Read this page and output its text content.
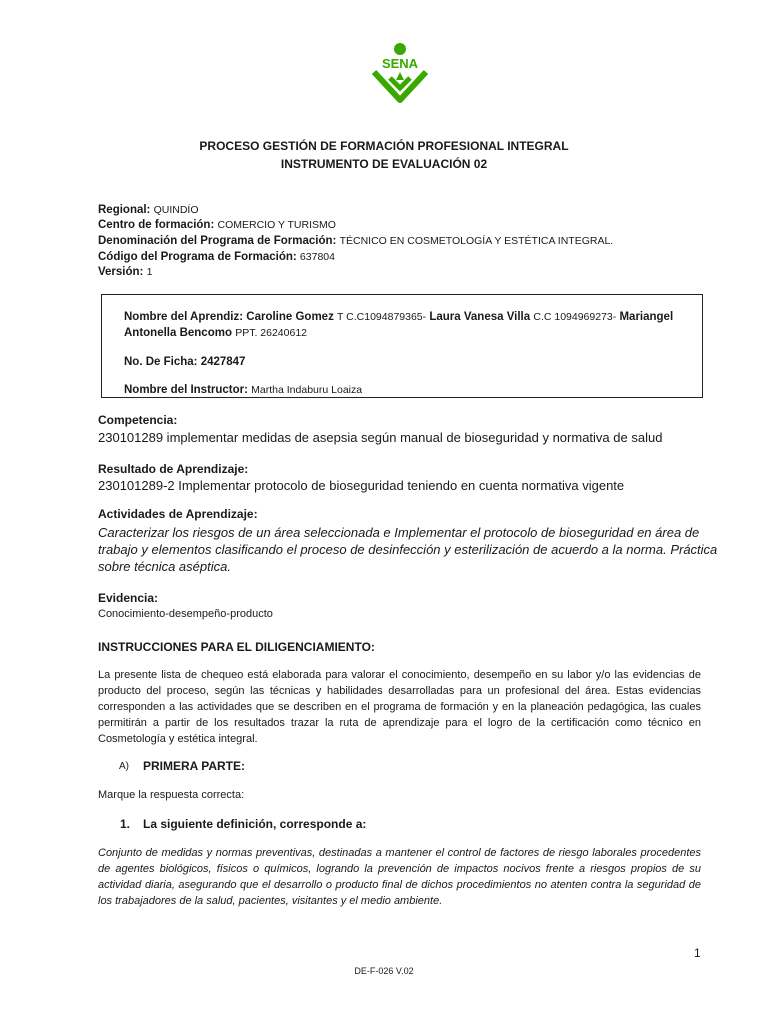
SENA
PROCESO GESTIÓN DE FORMACIÓN PROFESIONAL INTEGRAL
INSTRUMENTO DE EVALUACIÓN 02
Regional: QUINDÍO
Centro de formación: COMERCIO Y TURISMO
Denominación del Programa de Formación: TÉCNICO EN COSMETOLOGÍA Y ESTÉTICA INTEGRAL.
Código del Programa de Formación: 637804
Versión: 1
Nombre del Aprendiz: Caroline Gomez T C.C1094879365- Laura Vanesa Villa C.C 1094969273- Mariangel
Antonella Bencomo PPT. 26240612
No. De Ficha: 2427847
Nombre del Instructor: Martha Indaburu Loaiza
Competencia:
230101289 implementar medidas de asepsia según manual de bioseguridad y normativa de salud
Resultado de Aprendizaje:
230101289-2 Implementar protocolo de bioseguridad teniendo en cuenta normativa vigente
Actividades de Aprendizaje:
Caracterizar los riesgos de un área seleccionada e Implementar el protocolo de bioseguridad en área de
trabajo y elementos clasificando el proceso de desinfección y esterilización de acuerdo a la norma. Práctica
sobre técnica aséptica.
Evidencia:
Conocimiento-desempeño-producto
INSTRUCCIONES PARA EL DILIGENCIAMIENTO:
La presente lista de chequeo está elaborada para valorar el conocimiento, desempeño en su labor y/o las evidencias de producto del proceso, según las técnicas y habilidades desarrolladas para un profesional del área. Estas evidencias corresponden a las actividades que se describen en el programa de formación y en la planeación pedagógica, las cuales permitirán a partir de los resultados trazar la ruta de aprendizaje para el logro de la certificación como técnico en Cosmetología y estética integral.
A) PRIMERA PARTE:
Marque la respuesta correcta:
1. La siguiente definición, corresponde a:
Conjunto de medidas y normas preventivas, destinadas a mantener el control de factores de riesgo laborales procedentes de agentes biológicos, físicos o químicos, logrando la prevención de impactos nocivos frente a riesgos propios de su actividad diaria, asegurando que el desarrollo o producto final de dichos procedimientos no atenten contra la seguridad de los trabajadores de la salud, pacientes, visitantes y el medio ambiente.
1
DE-F-026 V.02
